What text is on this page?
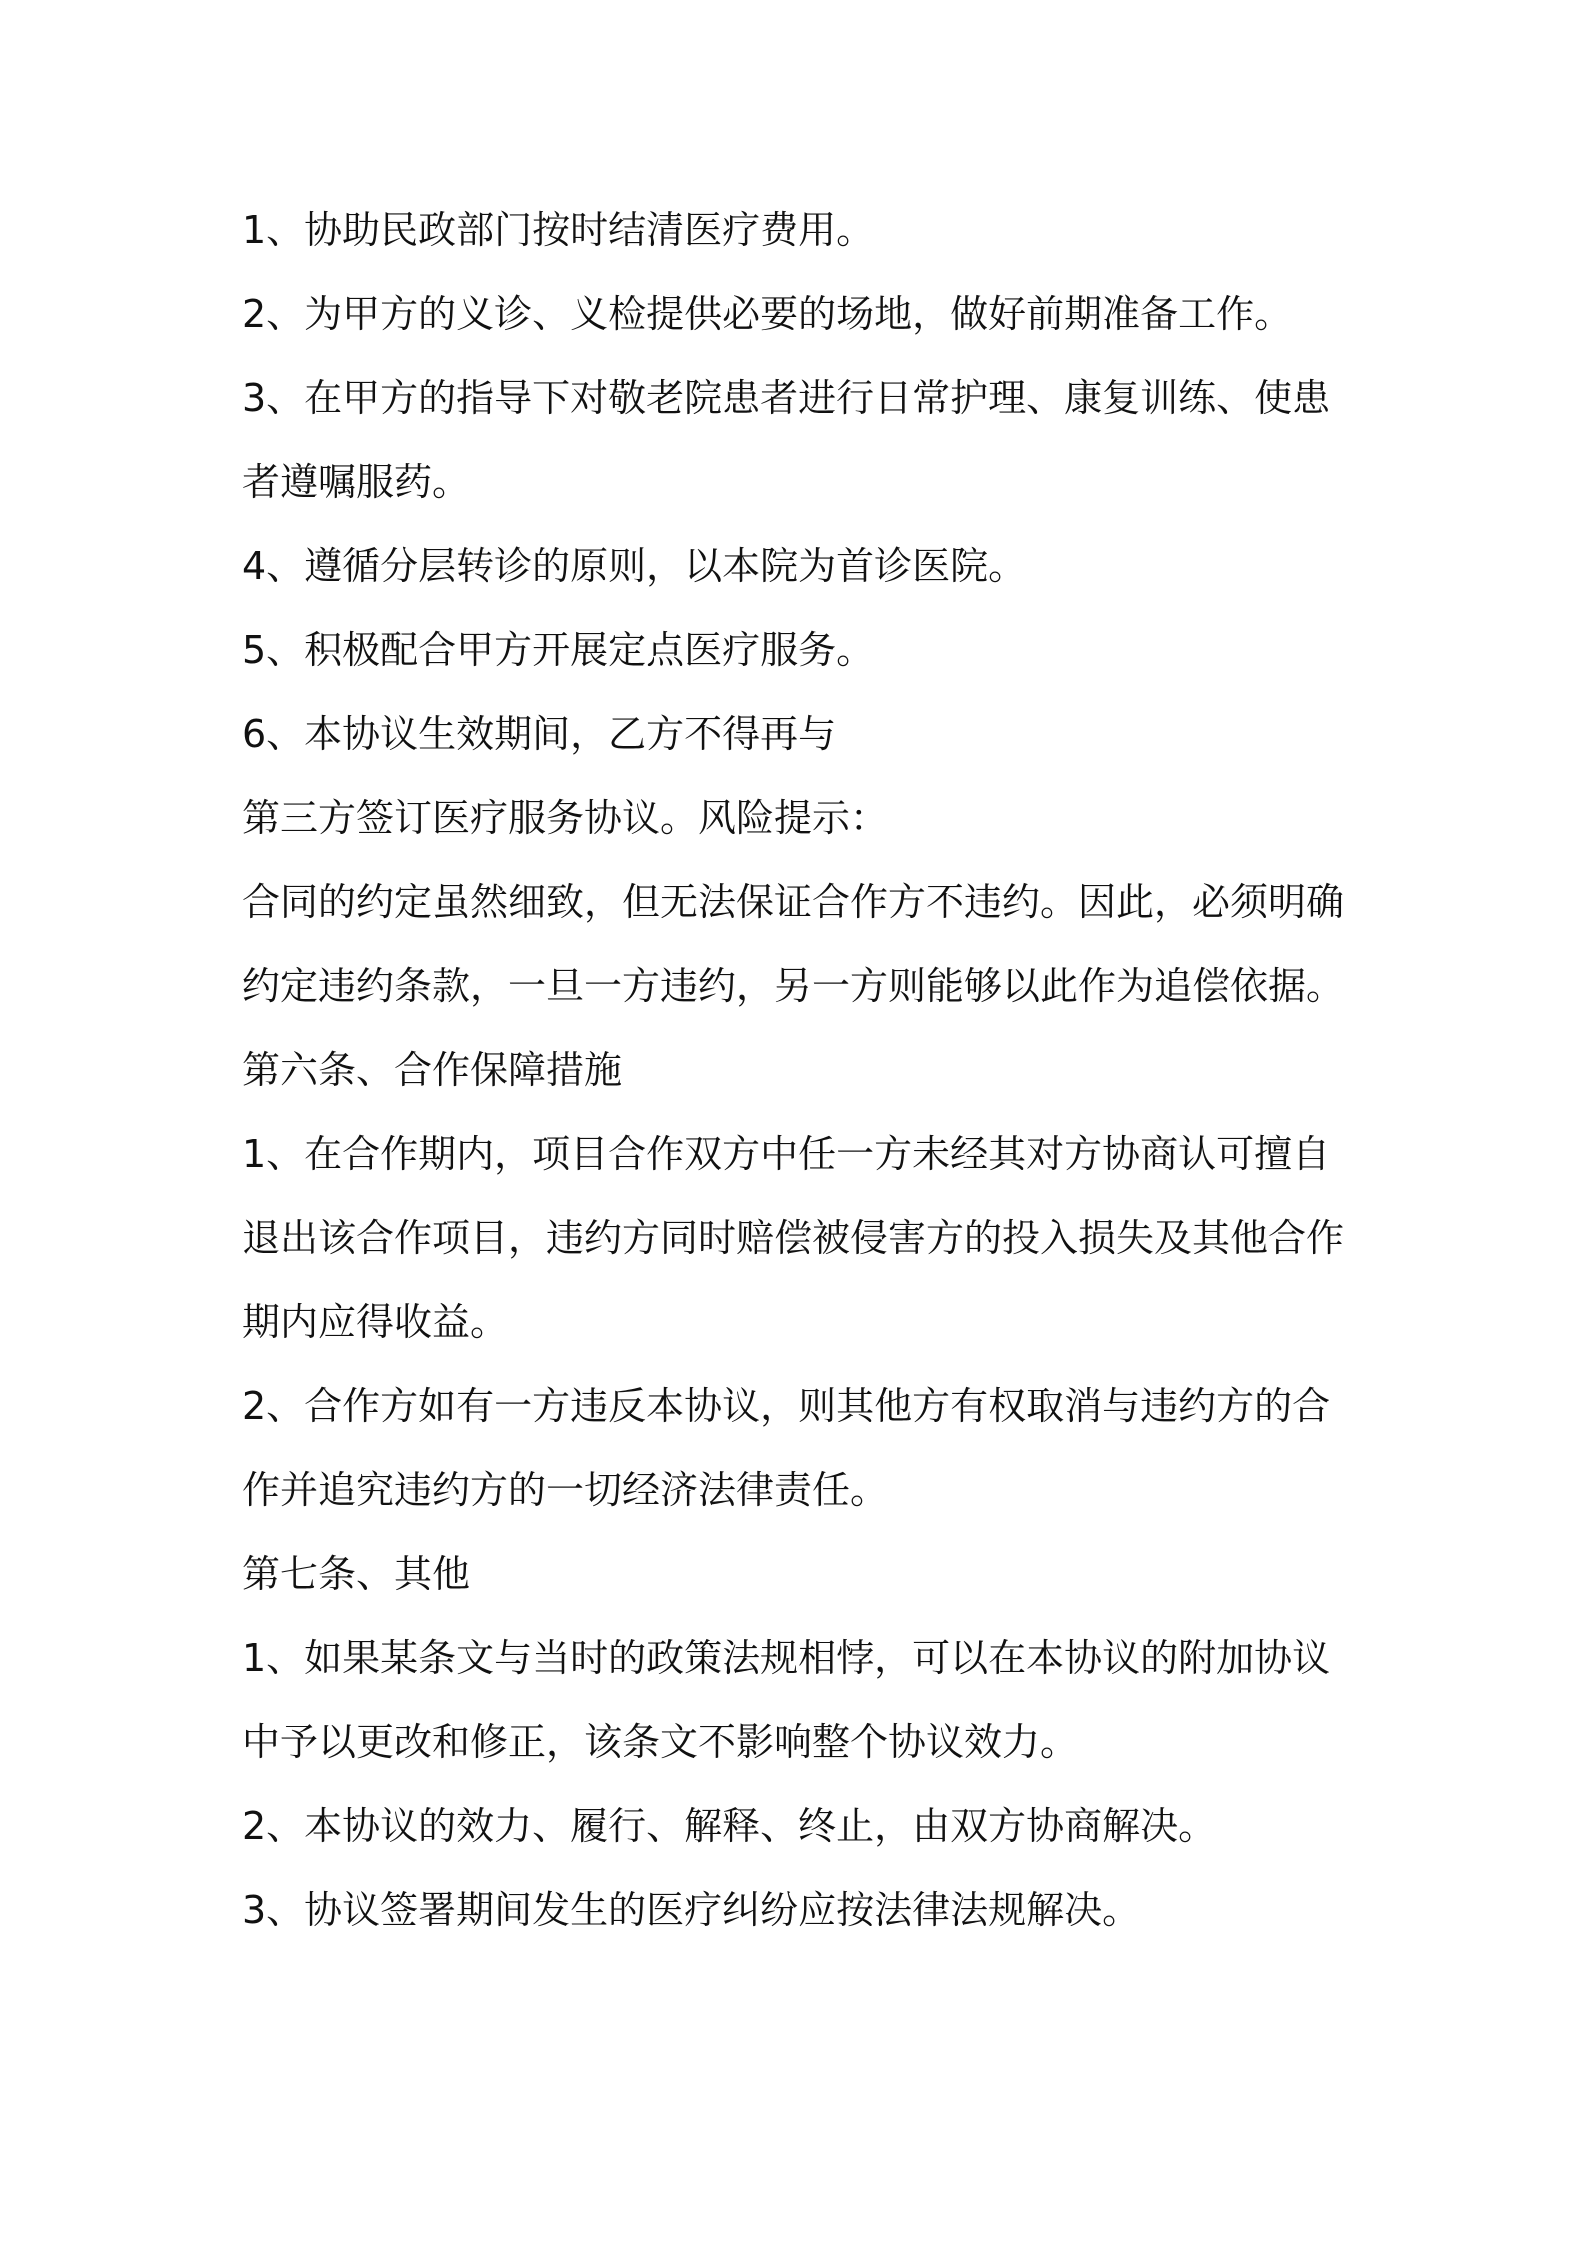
1、协助民政部门按时结清医疗费用。

2、为甲方的义诊、义检提供必要的场地，做好前期准备工作。

3、在甲方的指导下对敬老院患者进行日常护理、康复训练、使患者遵嘱服药。

4、遵循分层转诊的原则，以本院为首诊医院。

5、积极配合甲方开展定点医疗服务。

6、本协议生效期间，乙方不得再与

第三方签订医疗服务协议。风险提示：

合同的约定虽然细致，但无法保证合作方不违约。因此，必须明确约定违约条款，一旦一方违约，另一方则能够以此作为追偿依据。

第六条、合作保障措施

1、在合作期内，项目合作双方中任一方未经其对方协商认可擅自退出该合作项目，违约方同时赔偿被侵害方的投入损失及其他合作期内应得收益。

2、合作方如有一方违反本协议，则其他方有权取消与违约方的合作并追究违约方的一切经济法律责任。

第七条、其他

1、如果某条文与当时的政策法规相悖，可以在本协议的附加协议中予以更改和修正，该条文不影响整个协议效力。

2、本协议的效力、履行、解释、终止，由双方协商解决。

3、协议签署期间发生的医疗纠纷应按法律法规解决。
